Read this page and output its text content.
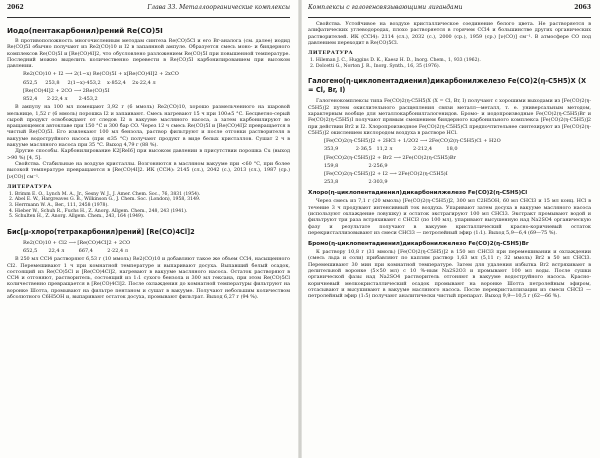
2062	Глава 33. Металлоорганические комплексы
Иодо(пентакарбонил)рений Re(CO)5I

В противоположность многочисленным методам синтеза Re(CO)5Cl и его Br-аналога (см. далее) иодид Re(CO)5I обычно получают из Re2(CO)10 и I2 в запаянной ампуле. Образуется смесь моно- и биядерного комплексов Re(CO)5I и [Re(CO)4I]2, что обусловлено разложением Re(CO)5I при повышенной температуре. Последний можно выделить количественно перевести в Re(CO)5I карбонилированием при высоком давлении.

Re2(CO)10 + I2 ⟶ 2(1−x) Re(CO)5I + x[Re(CO)4I]2 + 2xCO
652,5     253,8     2(1−x)·453,2    x·852,4    2x·22,4 л
[Re(CO)4I]2 + 2CO ⟶ 2Re(CO)5I
852,4      2·22,4 л       2·453,2

В ампулу на 100 мл помещают 3,92 г (6 ммоль) Re2(CO)10, хорошо размельченного на шаровой мельнице, 1,52 г (6 ммоль) порошка I2 и запаивают. Смесь нагревают 15 ч при 100±5 °C. Бесцветно-серый сырой продукт освобождают от следов I2 в вакууме масляного насоса, а затем карбонилируют во вращающемся автоклаве при 150 °C и 300 бар CO. Через 12 ч смесь Re(CO)5I и [Re(CO)4I]2 превращается в чистый Re(CO)5I. Его извлекают 100 мл бензола, раствор фильтруют и после отгонки растворителя в вакууме водоструйного насоса (при ≤35 °C) получают продукт в виде белых кристаллов. Сушат 2 ч в вакууме масляного насоса при 35 °C. Выход 4,79 г (88 %).

Другие способы. Карбонилирование K2[ReI6] при высоком давлении в присутствии порошка Cu (выход >90 %) [4, 5].

Свойства. Стабильные на воздухе кристаллы. Возгоняются в масляном вакууме при <60 °C, при более высокой температуре превращаются в [Re(CO)4I]2. ИК (CCl4): 2145 (сл.), 2042 (с.), 2013 (сл.), 1987 (ср.) [ν(CO)] см⁻¹.

ЛИТЕРАТУРА

1. Brimm E. O., Lynch M. A., Jr., Sesny W. J., J. Amer. Chem. Soc., 76, 3831 (1954).

2. Abel E. W., Hargreaves G. B., Wilkinson G., J. Chem. Soc. (London), 1958, 3149.

3. Herrmann W. A., Ber., 111, 2458 (1978).

4. Hieber W., Schuh R., Fuchs H., Z. Anorg. Allgem. Chem., 248, 243 (1941).

5. Schulten H., Z. Anorg. Allgem. Chem., 243, 164 (1949).

Бис[μ-хлоро(тетракарбонил)рений] [Re(CO)4Cl]2
Re2(CO)10 + Cl2 ⟶ [Re(CO)4Cl]2 + 2CO
652,5       22,4 л         667,4         2·22,4 л

В 250 мл CCl4 растворяют 6,53 г (10 ммоль) Re2(CO)10 и добавляют такое же объем CCl4, насыщенного Cl2. Перемешивают 1 ч при комнатной температуре и выпаривают досуха. Выпавший белый осадок, состоящий из Re(CO)5Cl и [Re(CO)4Cl]2, нагревают в вакууме масляного насоса. Остаток растворяют в CCl4 и отгоняют, растворитель, состоящий из 1:1 сухого бензола и 300 мл гексана, при этом Re(CO)5Cl количественно превращается в [Re(CO)4Cl]2. После охлаждения до комнатной температуры фильтруют на воронке Шотта, промывают на фильтре пентаном и сушат в вакууме. Получают небольшим количеством абсолютного C6H5OH и, выпаривают остаток досуха, промывают фильтрат. Выход 6,27 г (94 %).

Комплексы с галогенсвязывающими лигандами	2063

Свойства. Устойчивое на воздухе кристаллическое соединение белого цвета. Не растворяется в алифатических углеводородах, плохо растворяется в горячем CCl4 и большинстве других органических растворителей. ИК (CCl4): 2114 (сл.), 2032 (с.), 2000 (ср.), 1959 (ср.) [ν(CO)] см⁻¹. В атмосфере CO под давлением переходит в Re(CO)5Cl.

ЛИТЕРАТУРА

1. Hileman J. C., Huggins D. K., Kaesz H. D., Inorg. Chem., 1, 933 (1962).

2. Dolcetti G., Norton J. R., Inorg. Synth., 16, 35 (1976).

Галогено(η-циклопентадиенил)дикарбонилжелезо Fe(CO)2(η-C5H5)X (X = Cl, Br, I)

Галогенокомплексы типа Fe(CO)2(η-C5H5)X (X = Cl, Br, I) получают с хорошими выходами из [Fe(CO)2(η-C5H5)]2 путем окислительного расщепления связи металл—металл, т. е. универсальным методом, характерным вообще для металлокарбонилгалогенидов. Бромо- и иодопроизводные Fe(CO)2(η-C5H5)Br и Fe(CO)2(η-C5H5)I получают прямым смешением биядерного карбонильного комплекса [Fe(CO)2(η-C5H5)]2 при действии Br2 и I2. Хлоропроизводное Fe(CO)2(η-C5H5)Cl предпочтительнее синтезируют из [Fe(CO)2(η-C5H5)]2 окислением кислородом воздуха в растворе HCl.

[Fe(CO)2(η-C5H5)]2 + 2HCl + 1/2O2 ⟶ 2Fe(CO)2(η-C5H5)Cl + H2O
353,9           2·36,5   11,2 л             2·212,4         18,0
[Fe(CO)2(η-C5H5)]2 + Br2 ⟶ 2Fe(CO)2(η-C5H5)Br
159,8                   2·256,9
[Fe(CO)2(η-C5H5)]2 + I2 ⟶ 2Fe(CO)2(η-C5H5)I
253,8                   2·303,9
Хлоро(η-циклопентадиенил)дикарбонилжелезо Fe(CO)2(η-C5H5)Cl

Через смесь из 7,1 г (20 ммоль) [Fe(CO)2(η-C5H5)]2, 300 мл C2H5OH, 60 мл CHCl3 и 15 мл конц. HCl в течение 3 ч продувают интенсивный ток воздуха. Упаривают затем досуха в вакууме масляного насоса (используют охлаждение ловушку) и остаток экстрагируют 100 мл CHCl3. Экстракт промывают водой и фильтруют три раза встряхивают с CHCl3 (по 100 мл), упаривают высушенную над Na2SO4 органическую фазу и результате получают в вакууме кристаллический красно-коричневый остаток перекристаллизовывают из смеси CHCl3 — петролейный эфир (1:1). Выход 5,9—6,4 (69—75 %).

Бромо(η-циклопентадиенил)дикарбонилжелезо Fe(CO)2(η-C5H5)Br

К раствору 10,8 г (31 ммоль) [Fe(CO)2(η-C5H5)]2 в 150 мл CHCl3 при перемешивании и охлаждении (смесь льда и соли) прибавляют по каплям раствор 1,63 мл (5,11 г; 32 ммоль) Br2 в 50 мл CHCl3. Перемешивают 30 мин при комнатной температуре. Затем для удаления избытка Br2 встряхивают в делительной воронке (5×50 мл) с 10 %-ным Na2S2O3 и промывают 100 мл воды. После сушки органической фазы над Na2SO4 растворитель отгоняют в вакууме водоструйного насоса. Красно-коричневый мелкокристаллический осадок промывают на воронке Шотта петролейным эфиром, отсасывают и высушивают в вакууме масляного насоса. После перекристаллизации из смеси CHCl3 — петролейный эфир (1:5) получают аналитически чистый препарат. Выход 9,9—10,5 г (62—66 %).
